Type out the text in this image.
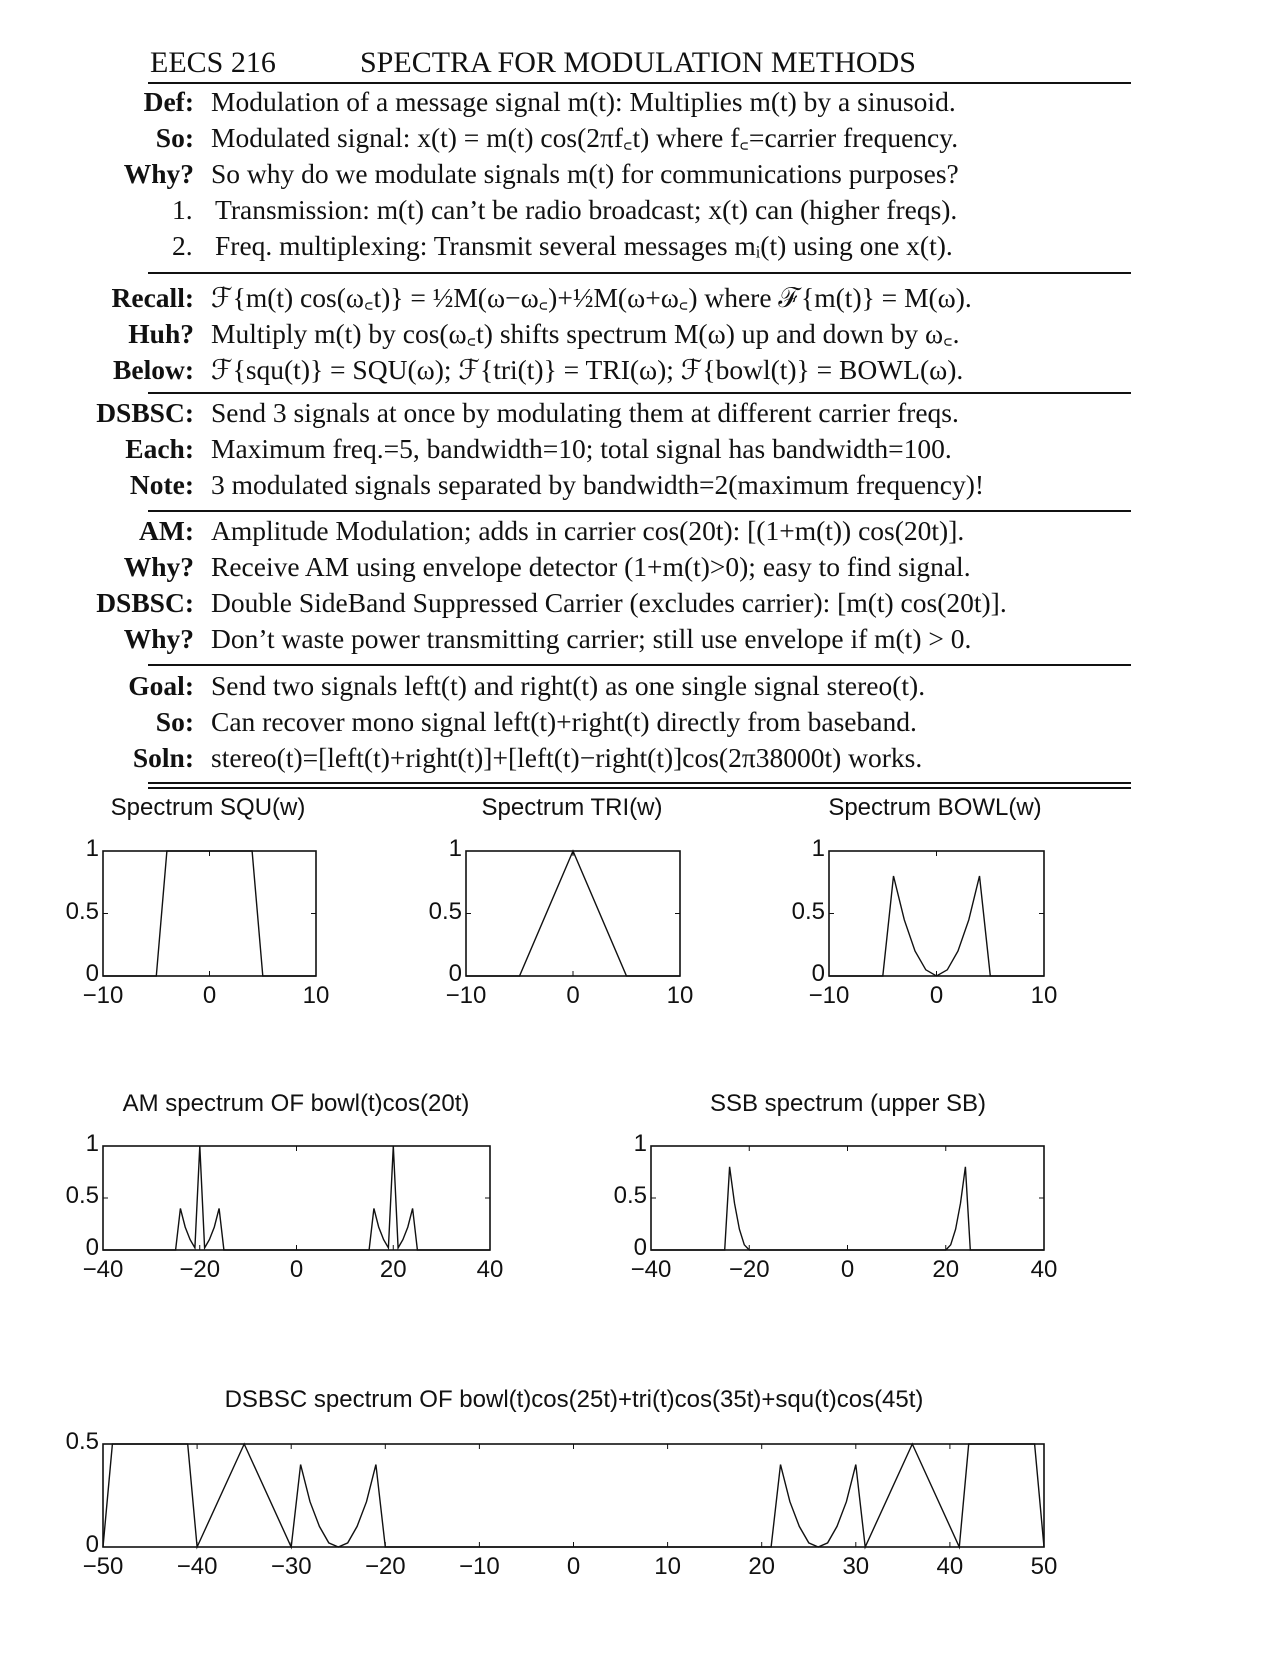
EECS 216	SPECTRA FOR MODULATION METHODS
Def: Modulation of a message signal m(t): Multiplies m(t) by a sinusoid.
So: Modulated signal: x(t) = m(t) cos(2πf꜀t) where f꜀=carrier frequency.
Why? So why do we modulate signals m(t) for communications purposes?
1. Transmission: m(t) can’t be radio broadcast; x(t) can (higher freqs).
2. Freq. multiplexing: Transmit several messages mᵢ(t) using one x(t).
Recall: ℱ{m(t) cos(ω꜀t)} = ½M(ω−ω꜀)+½M(ω+ω꜀) where ℱ{m(t)} = M(ω).
Huh? Multiply m(t) by cos(ω꜀t) shifts spectrum M(ω) up and down by ω꜀.
Below: ℱ{squ(t)} = SQU(ω); ℱ{tri(t)} = TRI(ω); ℱ{bowl(t)} = BOWL(ω).
DSBSC: Send 3 signals at once by modulating them at different carrier freqs.
Each: Maximum freq.=5, bandwidth=10; total signal has bandwidth=100.
Note: 3 modulated signals separated by bandwidth=2(maximum frequency)!
AM: Amplitude Modulation; adds in carrier cos(20t): [(1+m(t)) cos(20t)].
Why? Receive AM using envelope detector (1+m(t)>0); easy to find signal.
DSBSC: Double SideBand Suppressed Carrier (excludes carrier): [m(t) cos(20t)].
Why? Don’t waste power transmitting carrier; still use envelope if m(t) > 0.
Goal: Send two signals left(t) and right(t) as one single signal stereo(t).
So: Can recover mono signal left(t)+right(t) directly from baseband.
Soln: stereo(t)=[left(t)+right(t)]+[left(t)−right(t)]cos(2π38000t) works.
Spectrum SQU(w)
−10	0	10
0
0.5
1
Spectrum TRI(w)
−10	0	10
0
0.5
1
Spectrum BOWL(w)
−10	0	10
0
0.5
1
AM spectrum OF bowl(t)cos(20t)
−40	−20	0	20	40
0
0.5
1
SSB spectrum (upper SB)
−40	−20	0	20	40
0
0.5
1
DSBSC spectrum OF bowl(t)cos(25t)+tri(t)cos(35t)+squ(t)cos(45t)
−50	−40	−30	−20	−10	0	10	20	30	40	50
0
0.5
